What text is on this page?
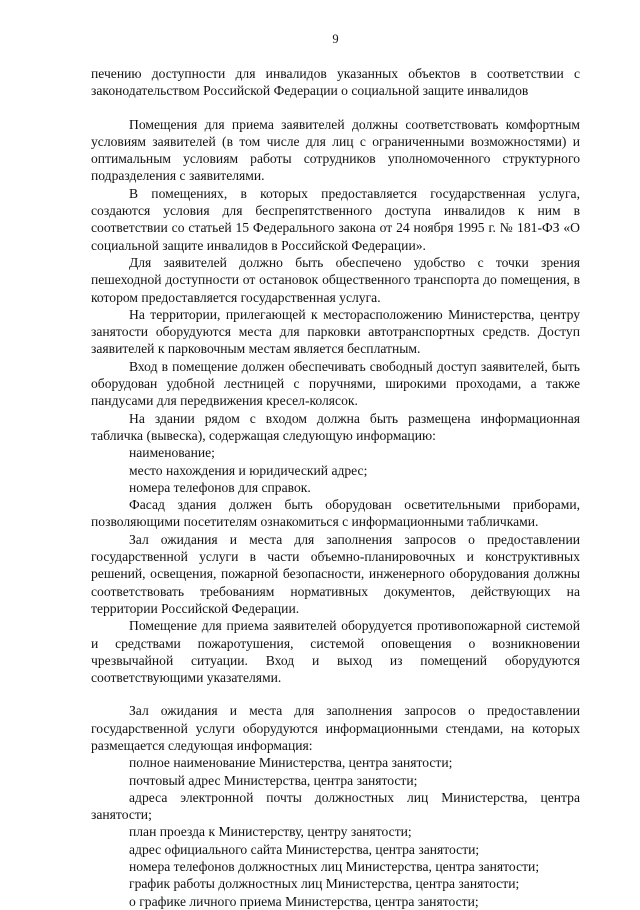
9

печению доступности для инвалидов указанных объектов в соответствии с законодательством Российской Федерации о социальной защите инвалидов

Помещения для приема заявителей должны соответствовать комфортным условиям заявителей (в том числе для лиц с ограниченными возможностями) и оптимальным условиям работы сотрудников уполномоченного структурного подразделения с заявителями.

В помещениях, в которых предоставляется государственная услуга, создаются условия для беспрепятственного доступа инвалидов к ним в соответствии со статьей 15 Федерального закона от 24 ноября 1995 г. № 181-ФЗ «О социальной защите инвалидов в Российской Федерации».

Для заявителей должно быть обеспечено удобство с точки зрения пешеходной доступности от остановок общественного транспорта до помещения, в котором предоставляется государственная услуга.

На территории, прилегающей к месторасположению Министерства, центру занятости оборудуются места для парковки автотранспортных средств. Доступ заявителей к парковочным местам является бесплатным.

Вход в помещение должен обеспечивать свободный доступ заявителей, быть оборудован удобной лестницей с поручнями, широкими проходами, а также пандусами для передвижения кресел-колясок.

На здании рядом с входом должна быть размещена информационная табличка (вывеска), содержащая следующую информацию:

наименование;

место нахождения и юридический адрес;

номера телефонов для справок.

Фасад здания должен быть оборудован осветительными приборами, позволяющими посетителям ознакомиться с информационными табличками.

Зал ожидания и места для заполнения запросов о предоставлении государственной услуги в части объемно-планировочных и конструктивных решений, освещения, пожарной безопасности, инженерного оборудования должны соответствовать требованиям нормативных документов, действующих на территории Российской Федерации.

Помещение для приема заявителей оборудуется противопожарной системой и средствами пожаротушения, системой оповещения о возникновении чрезвычайной ситуации. Вход и выход из помещений оборудуются соответствующими указателями.

Зал ожидания и места для заполнения запросов о предоставлении государственной услуги оборудуются информационными стендами, на которых размещается следующая информация:

полное наименование Министерства, центра занятости;

почтовый адрес Министерства, центра занятости;

адреса электронной почты должностных лиц Министерства, центра занятости;

план проезда к Министерству, центру занятости;

адрес официального сайта Министерства, центра занятости;

номера телефонов должностных лиц Министерства, центра занятости;

график работы должностных лиц Министерства, центра занятости;

о графике личного приема Министерства, центра занятости;
